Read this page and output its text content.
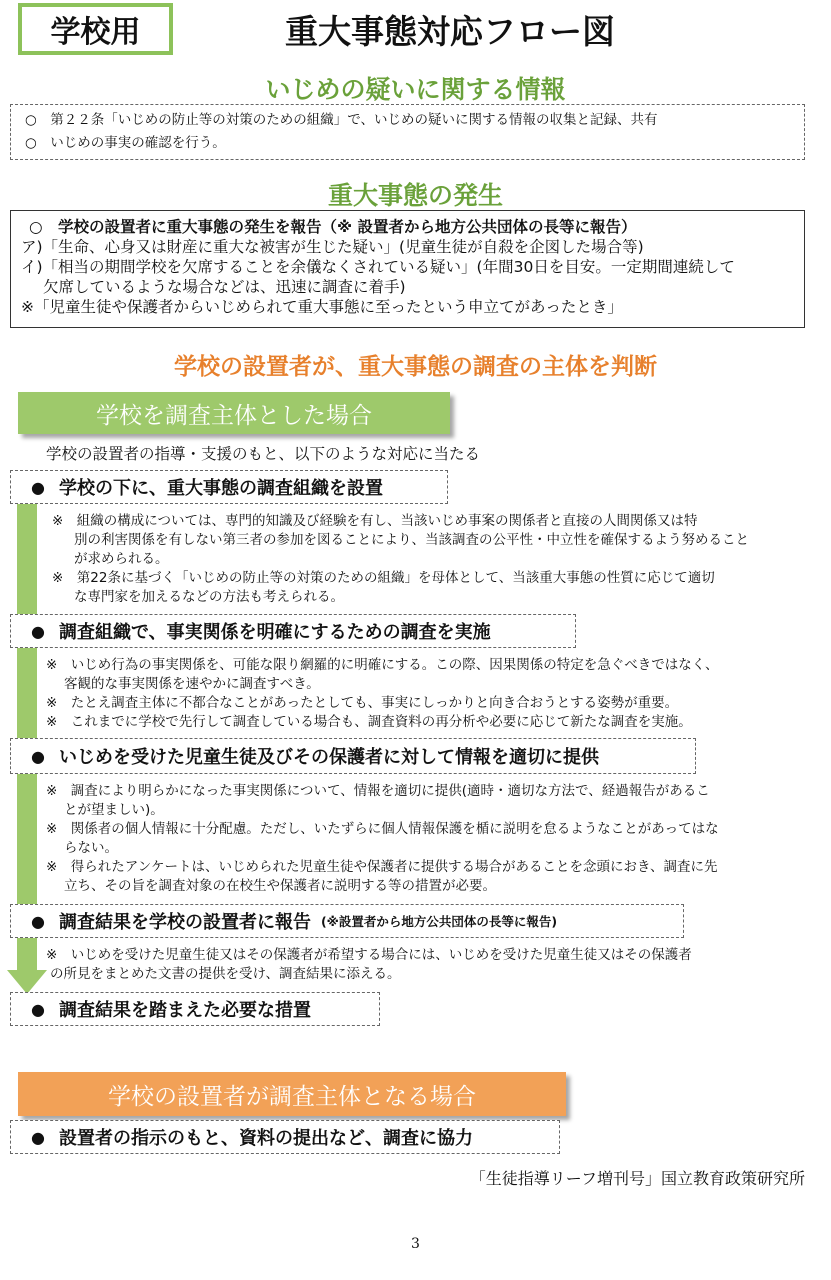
学校用	重大事態対応フロー図
いじめの疑いに関する情報
○　第２２条「いじめの防止等の対策のための組織」で、いじめの疑いに関する情報の収集と記録、共有
○　いじめの事実の確認を行う。
重大事態の発生
○　学校の設置者に重大事態の発生を報告（※ 設置者から地方公共団体の長等に報告）
ア)「生命、心身又は財産に重大な被害が生じた疑い」(児童生徒が自殺を企図した場合等)
イ)「相当の期間学校を欠席することを余儀なくされている疑い」(年間30日を目安。一定期間連続して
欠席しているような場合などは、迅速に調査に着手)
※「児童生徒や保護者からいじめられて重大事態に至ったという申立てがあったとき」
学校の設置者が、重大事態の調査の主体を判断
学校を調査主体とした場合
学校の設置者の指導・支援のもと、以下のような対応に当たる
● 学校の下に、重大事態の調査組織を設置
※　組織の構成については、専門的知識及び経験を有し、当該いじめ事案の関係者と直接の人間関係又は特
別の利害関係を有しない第三者の参加を図ることにより、当該調査の公平性・中立性を確保するよう努めること
が求められる。
※　第22条に基づく「いじめの防止等の対策のための組織」を母体として、当該重大事態の性質に応じて適切
な専門家を加えるなどの方法も考えられる。
● 調査組織で、事実関係を明確にするための調査を実施
※　いじめ行為の事実関係を、可能な限り網羅的に明確にする。この際、因果関係の特定を急ぐべきではなく、
客観的な事実関係を速やかに調査すべき。
※　たとえ調査主体に不都合なことがあったとしても、事実にしっかりと向き合おうとする姿勢が重要。
※　これまでに学校で先行して調査している場合も、調査資料の再分析や必要に応じて新たな調査を実施。
● いじめを受けた児童生徒及びその保護者に対して情報を適切に提供
※　調査により明らかになった事実関係について、情報を適切に提供(適時・適切な方法で、経過報告があるこ
とが望ましい)。
※　関係者の個人情報に十分配慮。ただし、いたずらに個人情報保護を楯に説明を怠るようなことがあってはな
らない。
※　得られたアンケートは、いじめられた児童生徒や保護者に提供する場合があることを念頭におき、調査に先
立ち、その旨を調査対象の在校生や保護者に説明する等の措置が必要。
● 調査結果を学校の設置者に報告 (※設置者から地方公共団体の長等に報告)
※　いじめを受けた児童生徒又はその保護者が希望する場合には、いじめを受けた児童生徒又はその保護者
の所見をまとめた文書の提供を受け、調査結果に添える。
● 調査結果を踏まえた必要な措置
学校の設置者が調査主体となる場合
● 設置者の指示のもと、資料の提出など、調査に協力
「生徒指導リーフ増刊号」国立教育政策研究所
3
